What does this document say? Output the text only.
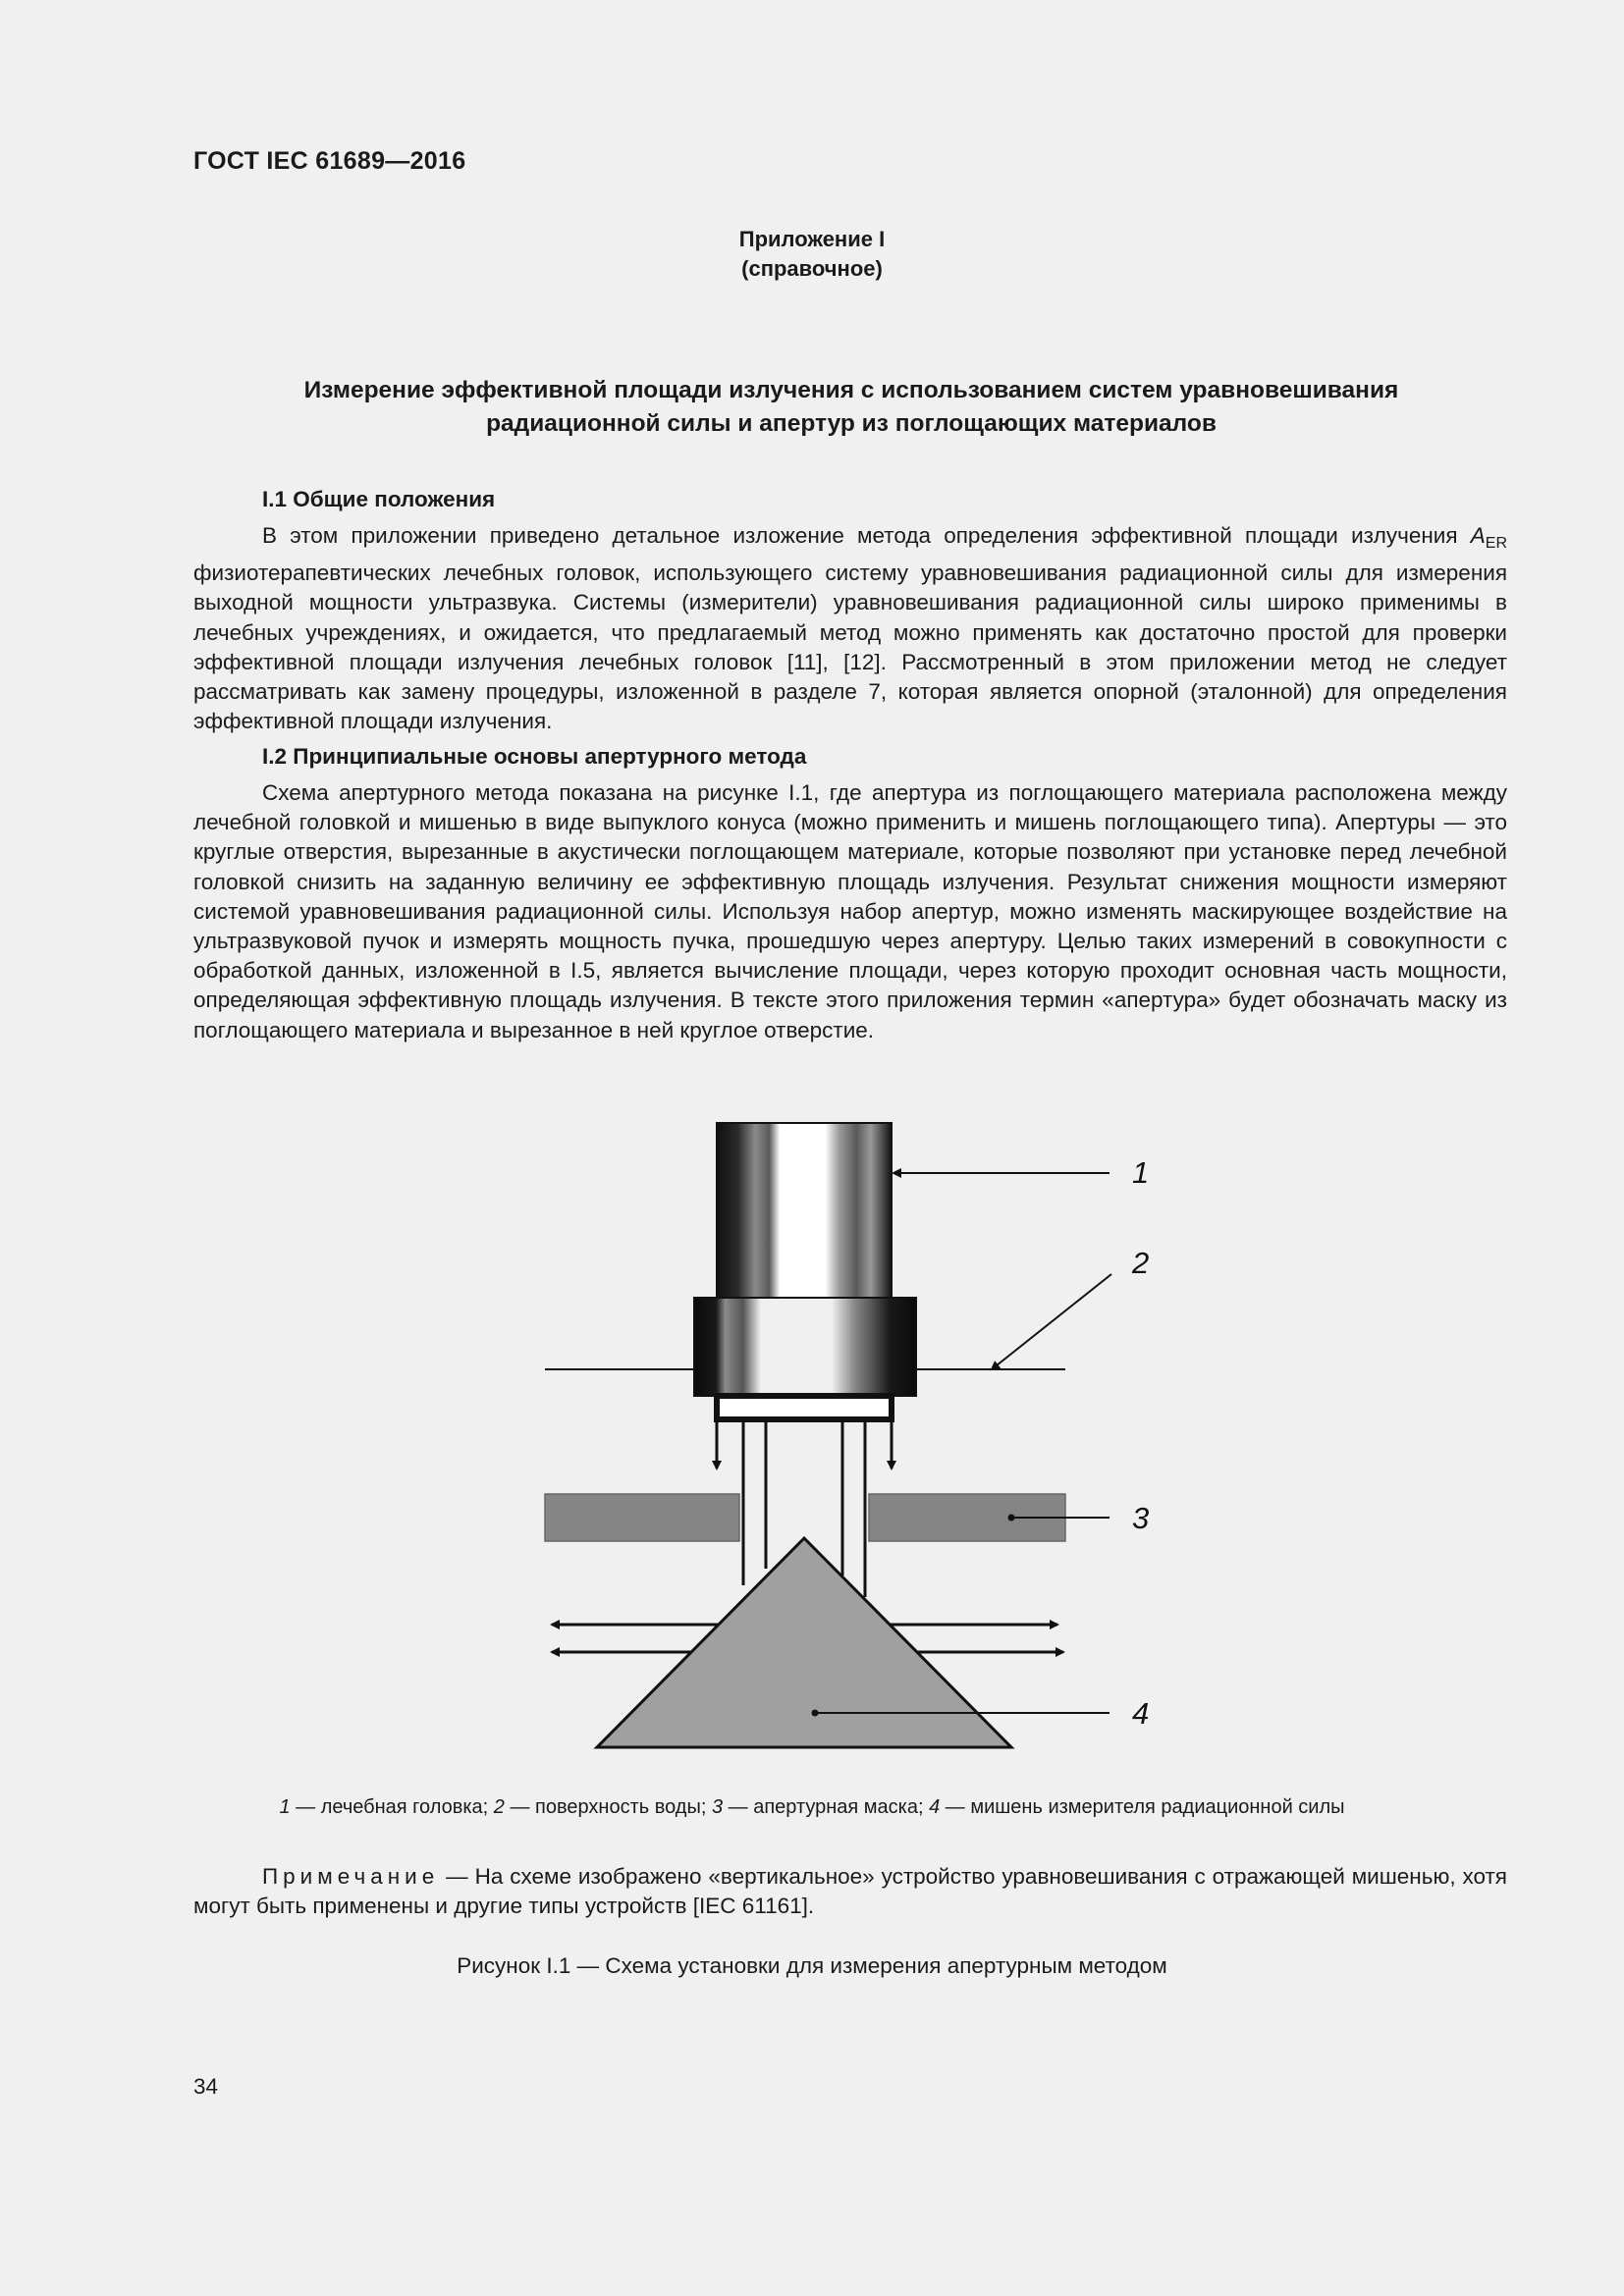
ГОСТ IEC 61689—2016
Приложение I
(справочное)
Измерение эффективной площади излучения с использованием систем уравновешивания
радиационной силы и апертур из поглощающих материалов
I.1 Общие положения

В этом приложении приведено детальное изложение метода определения эффективной площади излучения $A_{ER}$ физиотерапевтических лечебных головок, использующего систему уравновешивания радиационной силы для измерения выходной мощности ультразвука. Системы (измерители) уравновешивания радиационной силы широко применимы в лечебных учреждениях, и ожидается, что предлагаемый метод можно применять как достаточно простой для проверки эффективной площади излучения лечебных головок [11], [12]. Рассмотренный в этом приложении метод не следует рассматривать как замену процедуры, изложенной в разделе 7, которая является опорной (эталонной) для определения эффективной площади излучения.

I.2 Принципиальные основы апертурного метода

Схема апертурного метода показана на рисунке I.1, где апертура из поглощающего материала расположена между лечебной головкой и мишенью в виде выпуклого конуса (можно применить и мишень поглощающего типа). Апертуры — это круглые отверстия, вырезанные в акустически поглощающем материале, которые позволяют при установке перед лечебной головкой снизить на заданную величину ее эффективную площадь излучения. Результат снижения мощности измеряют системой уравновешивания радиационной силы. Используя набор апертур, можно изменять маскирующее воздействие на ультразвуковой пучок и измерять мощность пучка, прошедшую через апертуру. Целью таких измерений в совокупности с обработкой данных, изложенной в I.5, является вычисление площади, через которую проходит основная часть мощности, определяющая эффективную площадь излучения. В тексте этого приложения термин «апертура» будет обозначать маску из поглощающего материала и вырезанное в ней круглое отверстие.

1
2
3
4
1 — лечебная головка; 2 — поверхность воды; 3 — апертурная маска; 4 — мишень измерителя радиационной силы
Примечание — На схеме изображено «вертикальное» устройство уравновешивания с отражающей мишенью, хотя могут быть применены и другие типы устройств [IEC 61161].
Рисунок I.1 — Схема установки для измерения апертурным методом
34
